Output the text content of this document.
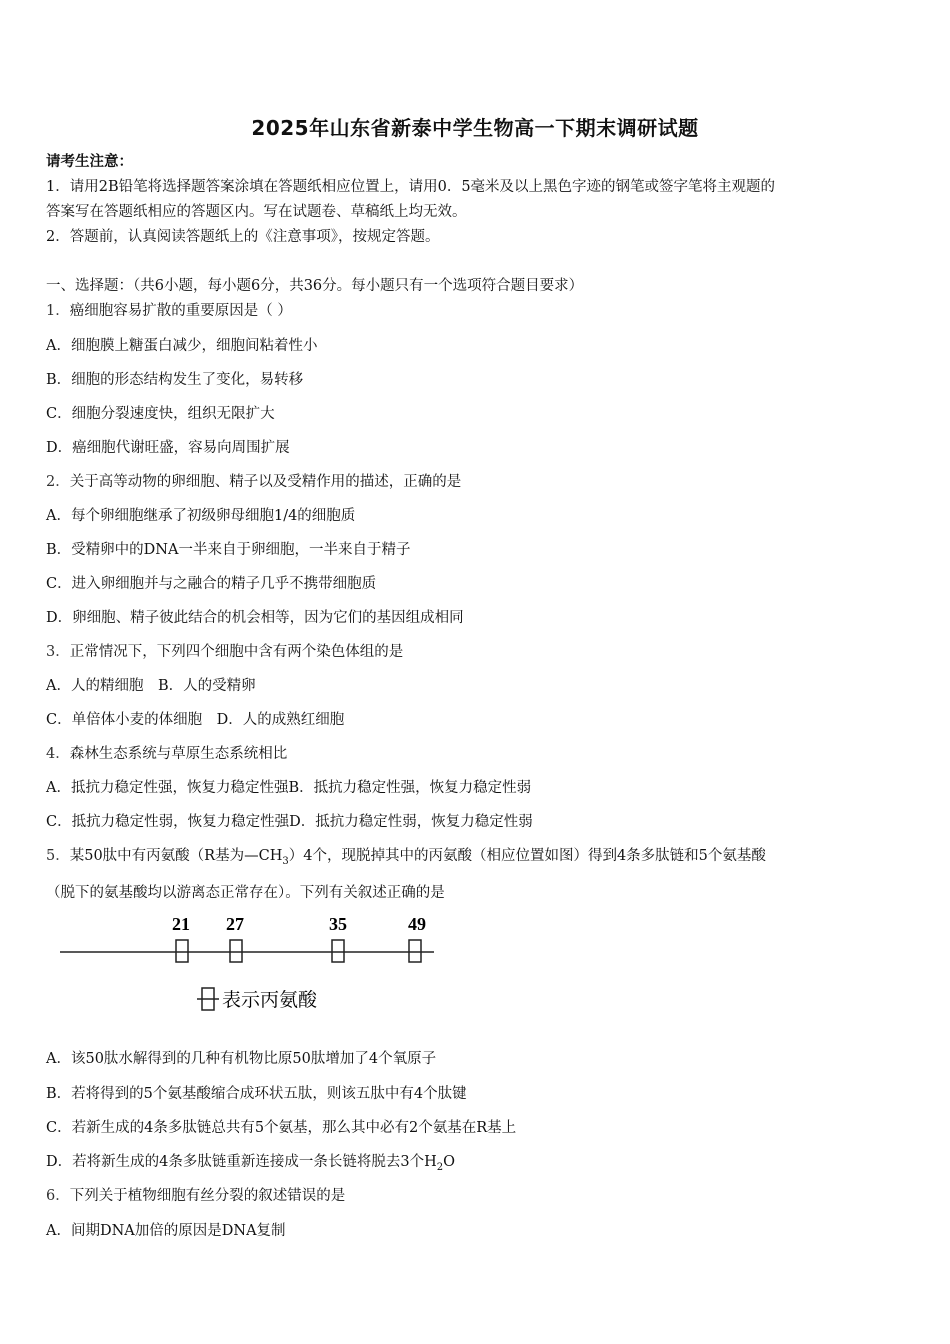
2025年山东省新泰中学生物高一下期末调研试题
请考生注意：
1．请用2B铅笔将选择题答案涂填在答题纸相应位置上，请用0．5毫米及以上黑色字迹的钢笔或签字笔将主观题的
答案写在答题纸相应的答题区内。写在试题卷、草稿纸上均无效。
2．答题前，认真阅读答题纸上的《注意事项》，按规定答题。
一、选择题：（共6小题，每小题6分，共36分。每小题只有一个选项符合题目要求）
1．癌细胞容易扩散的重要原因是（ ）
A．细胞膜上糖蛋白减少，细胞间粘着性小
B．细胞的形态结构发生了变化，易转移
C．细胞分裂速度快，组织无限扩大
D．癌细胞代谢旺盛，容易向周围扩展
2．关于高等动物的卵细胞、精子以及受精作用的描述，正确的是
A．每个卵细胞继承了初级卵母细胞1/4的细胞质
B．受精卵中的DNA一半来自于卵细胞，一半来自于精子
C．进入卵细胞并与之融合的精子几乎不携带细胞质
D．卵细胞、精子彼此结合的机会相等，因为它们的基因组成相同
3．正常情况下，下列四个细胞中含有两个染色体组的是
A．人的精细胞　B．人的受精卵
C．单倍体小麦的体细胞　D．人的成熟红细胞
4．森林生态系统与草原生态系统相比
A．抵抗力稳定性强，恢复力稳定性强B．抵抗力稳定性强，恢复力稳定性弱
C．抵抗力稳定性弱，恢复力稳定性强D．抵抗力稳定性弱，恢复力稳定性弱
5．某50肽中有丙氨酸（R基为$—CH_3)4$个，现脱掉其中的丙氨酸（相应位置如图）得到4条多肽链和5个氨基酸
（脱下的氨基酸均以游离态正常存在）。下列有关叙述正确的是
21 27	35	49
表示丙氨酸
A．该50肽水解得到的几种有机物比原50肽增加了4个氧原子
B．若将得到的5个氨基酸缩合成环状五肽，则该五肽中有4个肽键
C．若新生成的4条多肽链总共有5个氨基，那么其中必有2个氨基在R基上
D．若将新生成的4条多肽链重新连接成一条长链将脱去3个$H_2O$
6．下列关于植物细胞有丝分裂的叙述错误的是
A．间期DNA加倍的原因是DNA复制
